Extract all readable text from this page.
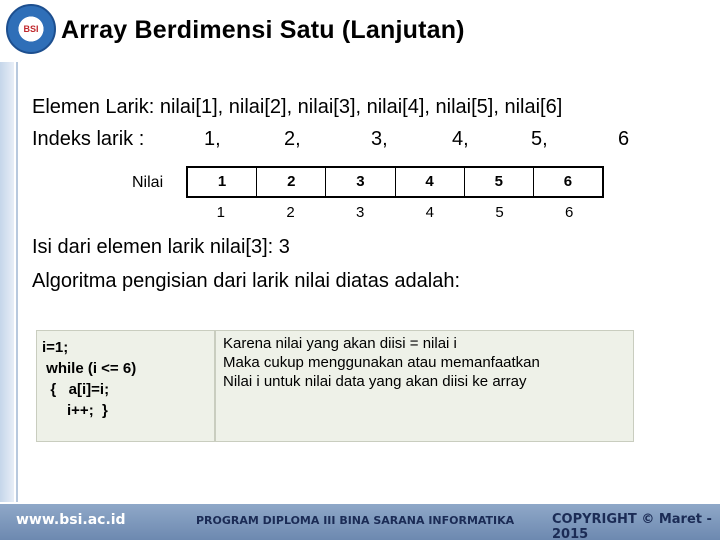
BSI Array Berdimensi Satu (Lanjutan)
Elemen Larik: nilai[1], nilai[2], nilai[3], nilai[4], nilai[5], nilai[6]
Indeks larik :	1,	2,	3,	4,	5,	6
Nilai	1	2	3	4	5	6
1	2	3	4	5	6
Isi dari elemen larik nilai[3]: 3
Algoritma pengisian dari larik nilai diatas adalah:
i=1;
while (i <= 6)
{   a[i]=i;
i++;  }
Karena nilai yang akan diisi = nilai i
Maka cukup menggunakan atau memanfaatkan
Nilai i untuk nilai data yang akan diisi ke array
www.bsi.ac.id	PROGRAM DIPLOMA III BINA SARANA INFORMATIKA	COPYRIGHT © Maret - 2015
